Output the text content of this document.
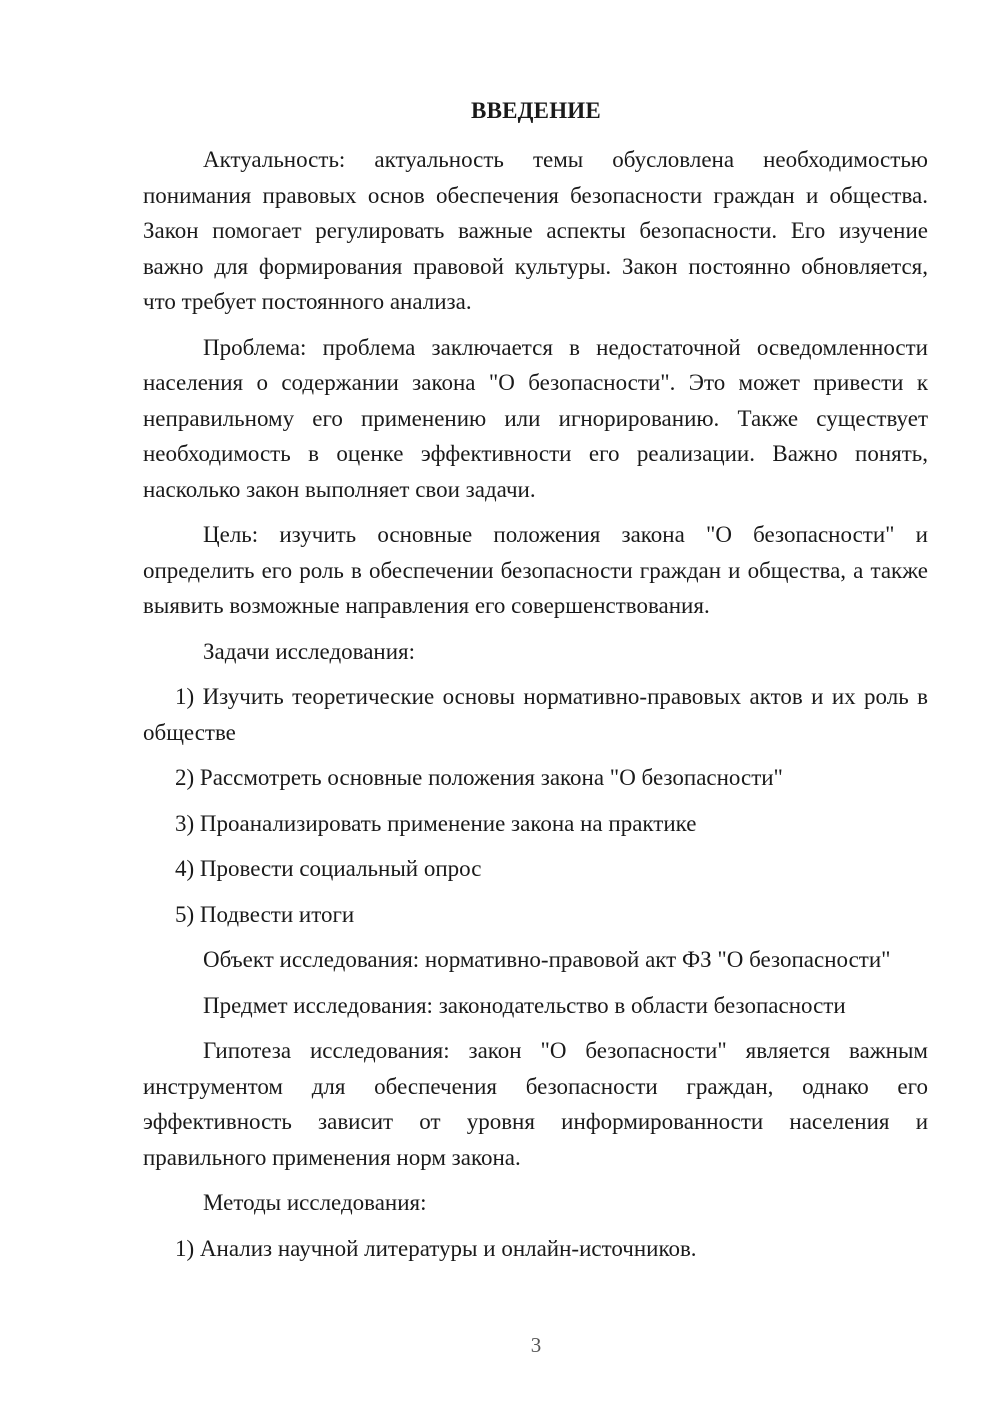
ВВЕДЕНИЕ

Актуальность: актуальность темы обусловлена необходимостью понимания правовых основ обеспечения безопасности граждан и общества. Закон помогает регулировать важные аспекты безопасности. Его изучение важно для формирования правовой культуры. Закон постоянно обновляется, что требует постоянного анализа.

Проблема: проблема заключается в недостаточной осведомленности населения о содержании закона "О безопасности". Это может привести к неправильному его применению или игнорированию. Также существует необходимость в оценке эффективности его реализации. Важно понять, насколько закон выполняет свои задачи.

Цель: изучить основные положения закона "О безопасности" и определить его роль в обеспечении безопасности граждан и общества, а также выявить возможные направления его совершенствования.

Задачи исследования:

1) Изучить теоретические основы нормативно-правовых актов и их роль в обществе

2) Рассмотреть основные положения закона "О безопасности"

3) Проанализировать применение закона на практике

4) Провести социальный опрос

5) Подвести итоги

Объект исследования: нормативно-правовой акт ФЗ "О безопасности"

Предмет исследования: законодательство в области безопасности

Гипотеза исследования: закон "О безопасности" является важным инструментом для обеспечения безопасности граждан, однако его эффективность зависит от уровня информированности населения и правильного применения норм закона.

Методы исследования:

1) Анализ научной литературы и онлайн-источников.

3
